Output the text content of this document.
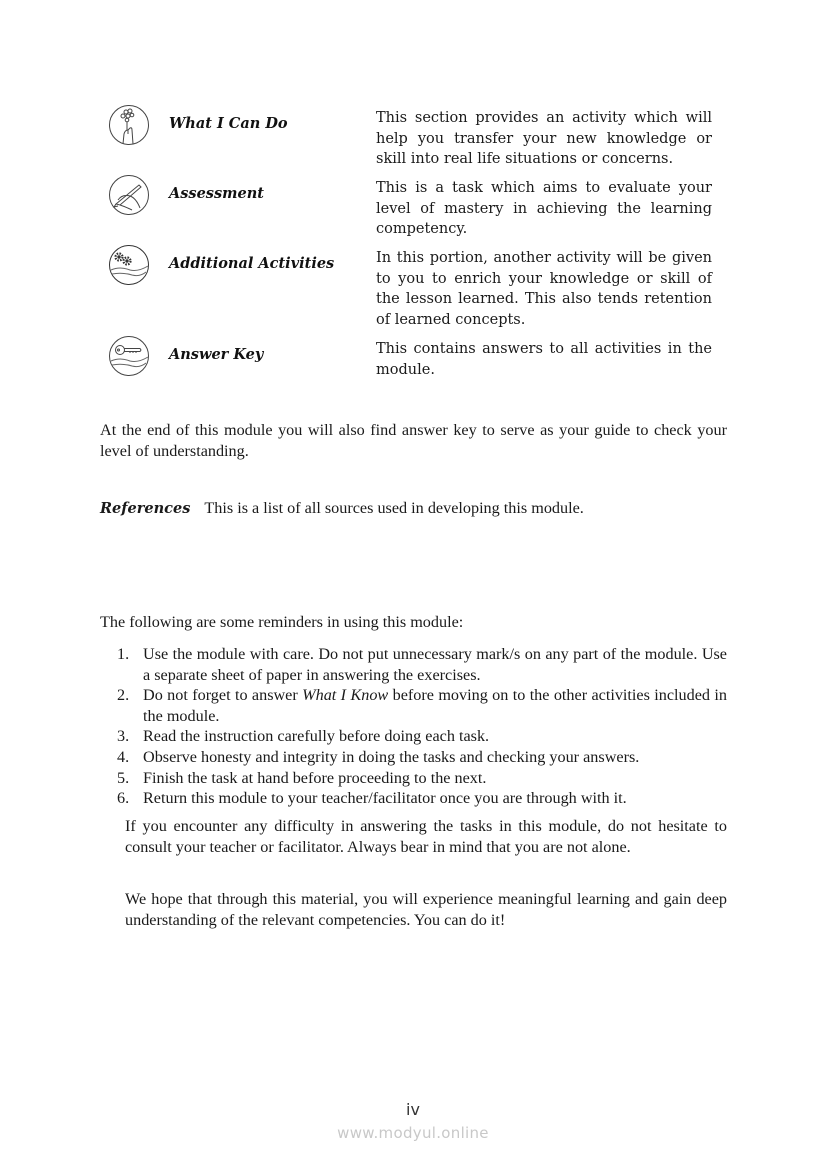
What I Can Do	This section provides an activity which will help you transfer your new knowledge or skill into real life situations or concerns.
Assessment	This is a task which aims to evaluate your level of mastery in achieving the learning competency.
Additional Activities	In this portion, another activity will be given to you to enrich your knowledge or skill of the lesson learned. This also tends retention of learned concepts.
Answer Key	This contains answers to all activities in the module.

At the end of this module you will also find answer key to serve as your guide to check your level of understanding.

References This is a list of all sources used in developing this module.

The following are some reminders in using this module:

1. Use the module with care. Do not put unnecessary mark/s on any part of the module. Use a separate sheet of paper in answering the exercises.
2. Do not forget to answer What I Know before moving on to the other activities included in the module.
3. Read the instruction carefully before doing each task.
4. Observe honesty and integrity in doing the tasks and checking your answers.
5. Finish the task at hand before proceeding to the next.
6. Return this module to your teacher/facilitator once you are through with it.

If you encounter any difficulty in answering the tasks in this module, do not hesitate to consult your teacher or facilitator. Always bear in mind that you are not alone.

We hope that through this material, you will experience meaningful learning and gain deep understanding of the relevant competencies. You can do it!

iv
www.modyul.online
